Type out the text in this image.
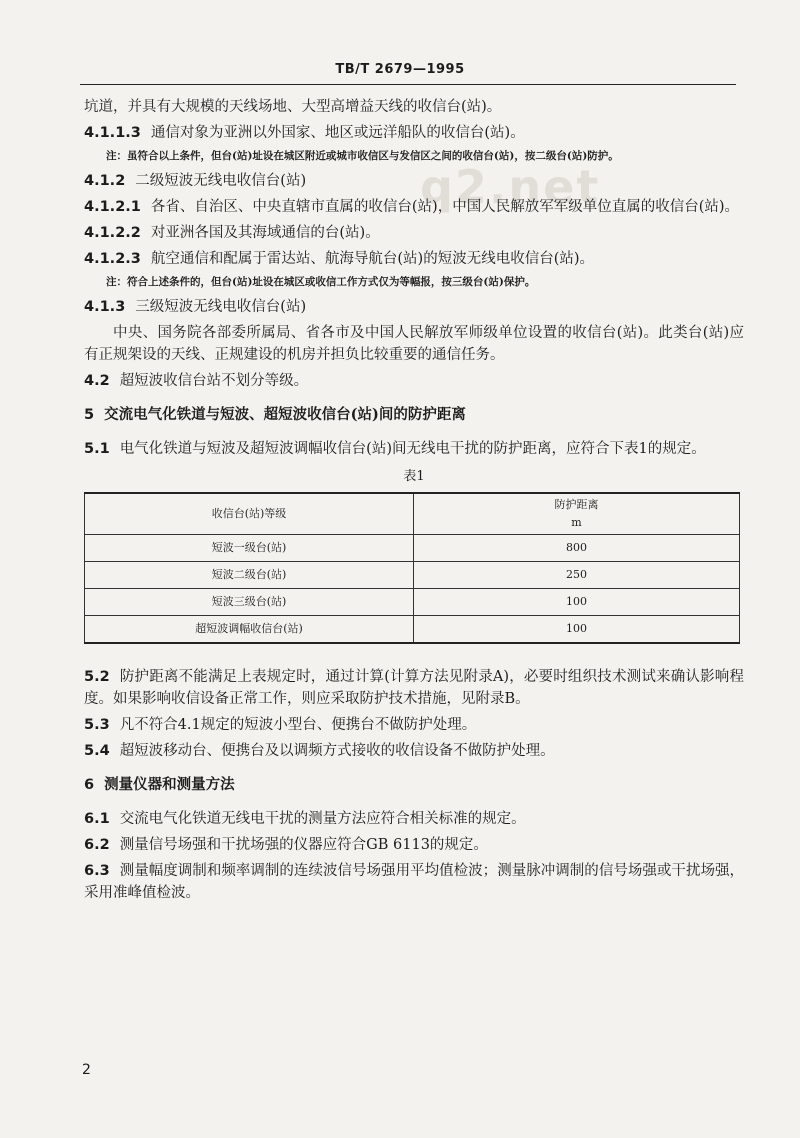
q2.net
TB/T 2679—1995

坑道，并具有大规模的天线场地、大型高增益天线的收信台(站)。

4.1.1.3 通信对象为亚洲以外国家、地区或远洋船队的收信台(站)。

注：虽符合以上条件，但台(站)址设在城区附近或城市收信区与发信区之间的收信台(站)，按二级台(站)防护。

4.1.2 二级短波无线电收信台(站)

4.1.2.1 各省、自治区、中央直辖市直属的收信台(站)，中国人民解放军军级单位直属的收信台(站)。

4.1.2.2 对亚洲各国及其海域通信的台(站)。

4.1.2.3 航空通信和配属于雷达站、航海导航台(站)的短波无线电收信台(站)。

注：符合上述条件的，但台(站)址设在城区或收信工作方式仅为等幅报，按三级台(站)保护。

4.1.3 三级短波无线电收信台(站)

中央、国务院各部委所属局、省各市及中国人民解放军师级单位设置的收信台(站)。此类台(站)应有正规架设的天线、正规建设的机房并担负比较重要的通信任务。

4.2 超短波收信台站不划分等级。

5 交流电气化铁道与短波、超短波收信台(站)间的防护距离

5.1 电气化铁道与短波及超短波调幅收信台(站)间无线电干扰的防护距离，应符合下表1的规定。

表1
收信台(站)等级	防护距离
m

短波一级台(站)	800
短波二级台(站)	250
短波三级台(站)	100
超短波调幅收信台(站)	100

5.2 防护距离不能满足上表规定时，通过计算(计算方法见附录A)，必要时组织技术测试来确认影响程度。如果影响收信设备正常工作，则应采取防护技术措施，见附录B。

5.3 凡不符合4.1规定的短波小型台、便携台不做防护处理。

5.4 超短波移动台、便携台及以调频方式接收的收信设备不做防护处理。

6 测量仪器和测量方法

6.1 交流电气化铁道无线电干扰的测量方法应符合相关标准的规定。

6.2 测量信号场强和干扰场强的仪器应符合GB 6113的规定。

6.3 测量幅度调制和频率调制的连续波信号场强用平均值检波；测量脉冲调制的信号场强或干扰场强，采用准峰值检波。

2
